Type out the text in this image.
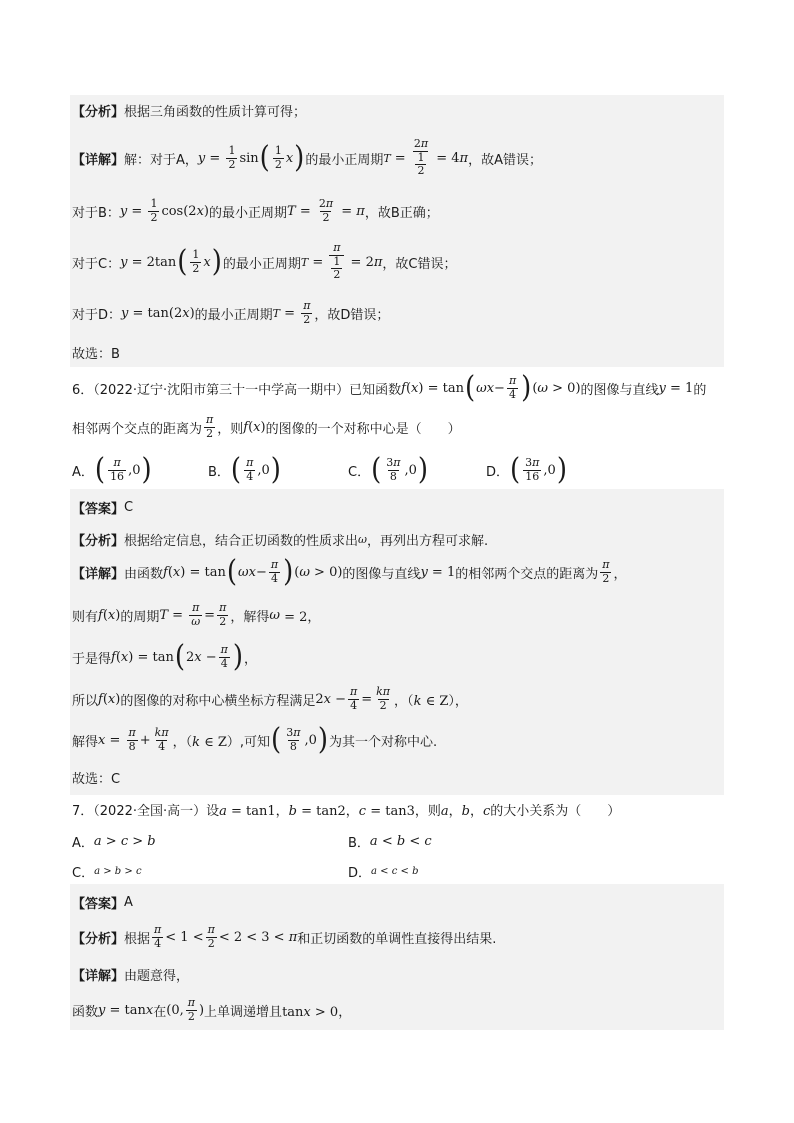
【分析】 根据三角函数的性质计算可得；
【详解】 解：对于A， $y = \frac{1}{2}$ sin ( $\frac{1}{2}$ x ) 的最小正周期 $T = \frac{2\pi}{\frac{1}{2}} = 4\pi$ ，故A错误；
对于B： $y = \frac{1}{2} \cos(2x)$ 的最小正周期 $T = \frac{2\pi}{2} = \pi$ ，故B正确；
对于C： y = 2tan ( $\frac{1}{2}$ x ) 的最小正周期 $T = \frac{\pi}{\frac{1}{2}} = 2\pi$ ，故C错误；
对于D： y = tan(2x) 的最小正周期 $T = \frac{\pi}{2}$ ，故D错误；
故选：B
6．（2022·辽宁·沈阳市第三十一中学高一期中）已知函数 f (x) = tan ( $\omega x - \frac{\pi}{4}$ ) (ω > 0) 的图像与直线 y = 1 的
相邻两个交点的距离为 $\frac{\pi}{2}$ ，则 f (x) 的图像的一个对称中心是（　　）
A． ( $\frac{\pi}{16} ,0$ )	B． ( $\frac{\pi}{4} ,0$ )	C． ( $\frac{3\pi}{8} ,0$ )	D． ( $\frac{3\pi}{16} ,0$ )
【答案】 C
【分析】 根据给定信息，结合正切函数的性质求出 ω ，再列出方程可求解.
【详解】 由函数 f (x) = tan ( $\omega x - \frac{\pi}{4}$ ) (ω > 0) 的图像与直线 y = 1 的相邻两个交点的距离为 $\frac{\pi}{2}$ ，
则有 f (x) 的周期 $T = \frac{\pi}{\omega} = \frac{\pi}{2}$ ，解得 ω = 2，
于是得 f (x) = tan ( $2x - \frac{\pi}{4}$ ) ，
所以 f (x) 的图像的对称中心横坐标方程满足 $2x - \frac{\pi}{4} = \frac{k\pi}{2}$ ，（k ∈ Z），
解得 $x = \frac{\pi}{8} + \frac{k\pi}{4}$ ，（k ∈ Z） ,可知 ( $\frac{3\pi}{8} ,0$ ) 为其一个对称中心.
故选：C
7．（2022·全国·高一）设 a = tan1，b = tan2，c = tan3 ，则 a，b，c 的大小关系为（　　）
A． a > c > b	B． a < b < c
C． a > b > c	D． a < c < b
【答案】 A
【分析】 根据 $\frac{\pi}{4} < 1 < \frac{\pi}{2} < 2 < 3 < \pi$ 和正切函数的单调性直接得出结果.
【详解】 由题意得，
函数 y = tanx 在 (0, $\frac{\pi}{2}$ ) 上单调递增且 tanx > 0，
